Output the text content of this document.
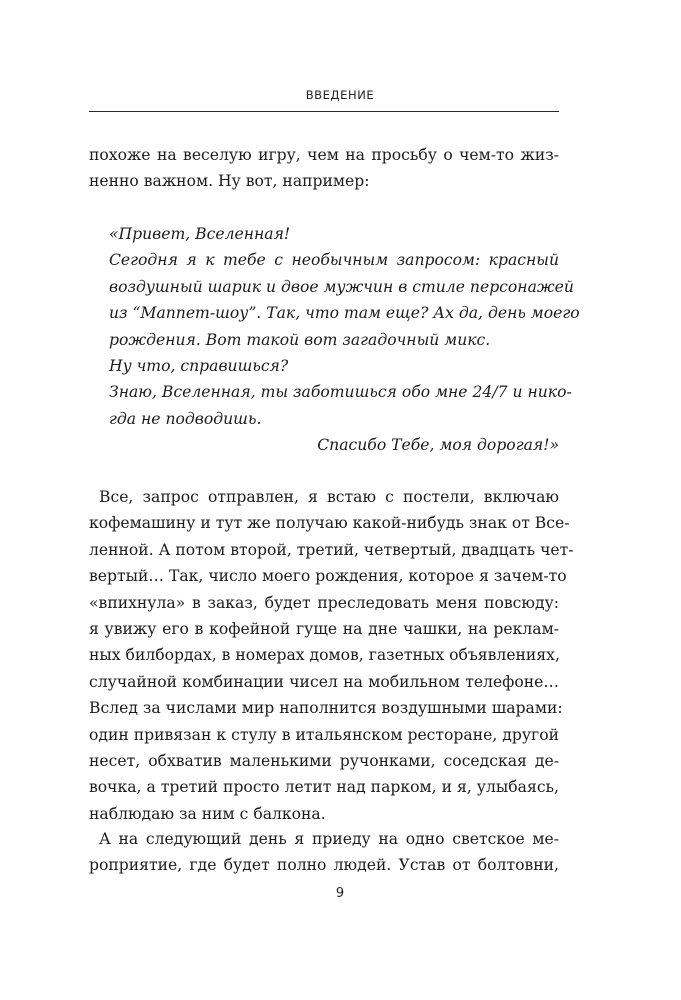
ВВЕДЕНИЕ
похоже на веселую игру, чем на просьбу о чем-то жиз-
ненно важном. Ну вот, например:
«Привет, Вселенная!
Сегодня я к тебе с необычным запросом: красный
воздушный шарик и двое мужчин в стиле персонажей
из “Маппет-шоу”. Так, что там еще? Ах да, день моего
рождения. Вот такой вот загадочный микс.
Ну что, справишься?
Знаю, Вселенная, ты заботишься обо мне 24/7 и нико-
гда не подводишь.
Спасибо Тебе, моя дорогая!»
Все, запрос отправлен, я встаю с постели, включаю
кофемашину и тут же получаю какой-нибудь знак от Все-
ленной. А потом второй, третий, четвертый, двадцать чет-
вертый… Так, число моего рождения, которое я зачем-то
«впихнула» в заказ, будет преследовать меня повсюду:
я увижу его в кофейной гуще на дне чашки, на реклам-
ных билбордах, в номерах домов, газетных объявлениях,
случайной комбинации чисел на мобильном телефоне…
Вслед за числами мир наполнится воздушными шарами:
один привязан к стулу в итальянском ресторане, другой
несет, обхватив маленькими ручонками, соседская де-
вочка, а третий просто летит над парком, и я, улыбаясь,
наблюдаю за ним с балкона.
А на следующий день я приеду на одно светское ме-
роприятие, где будет полно людей. Устав от болтовни,
9
